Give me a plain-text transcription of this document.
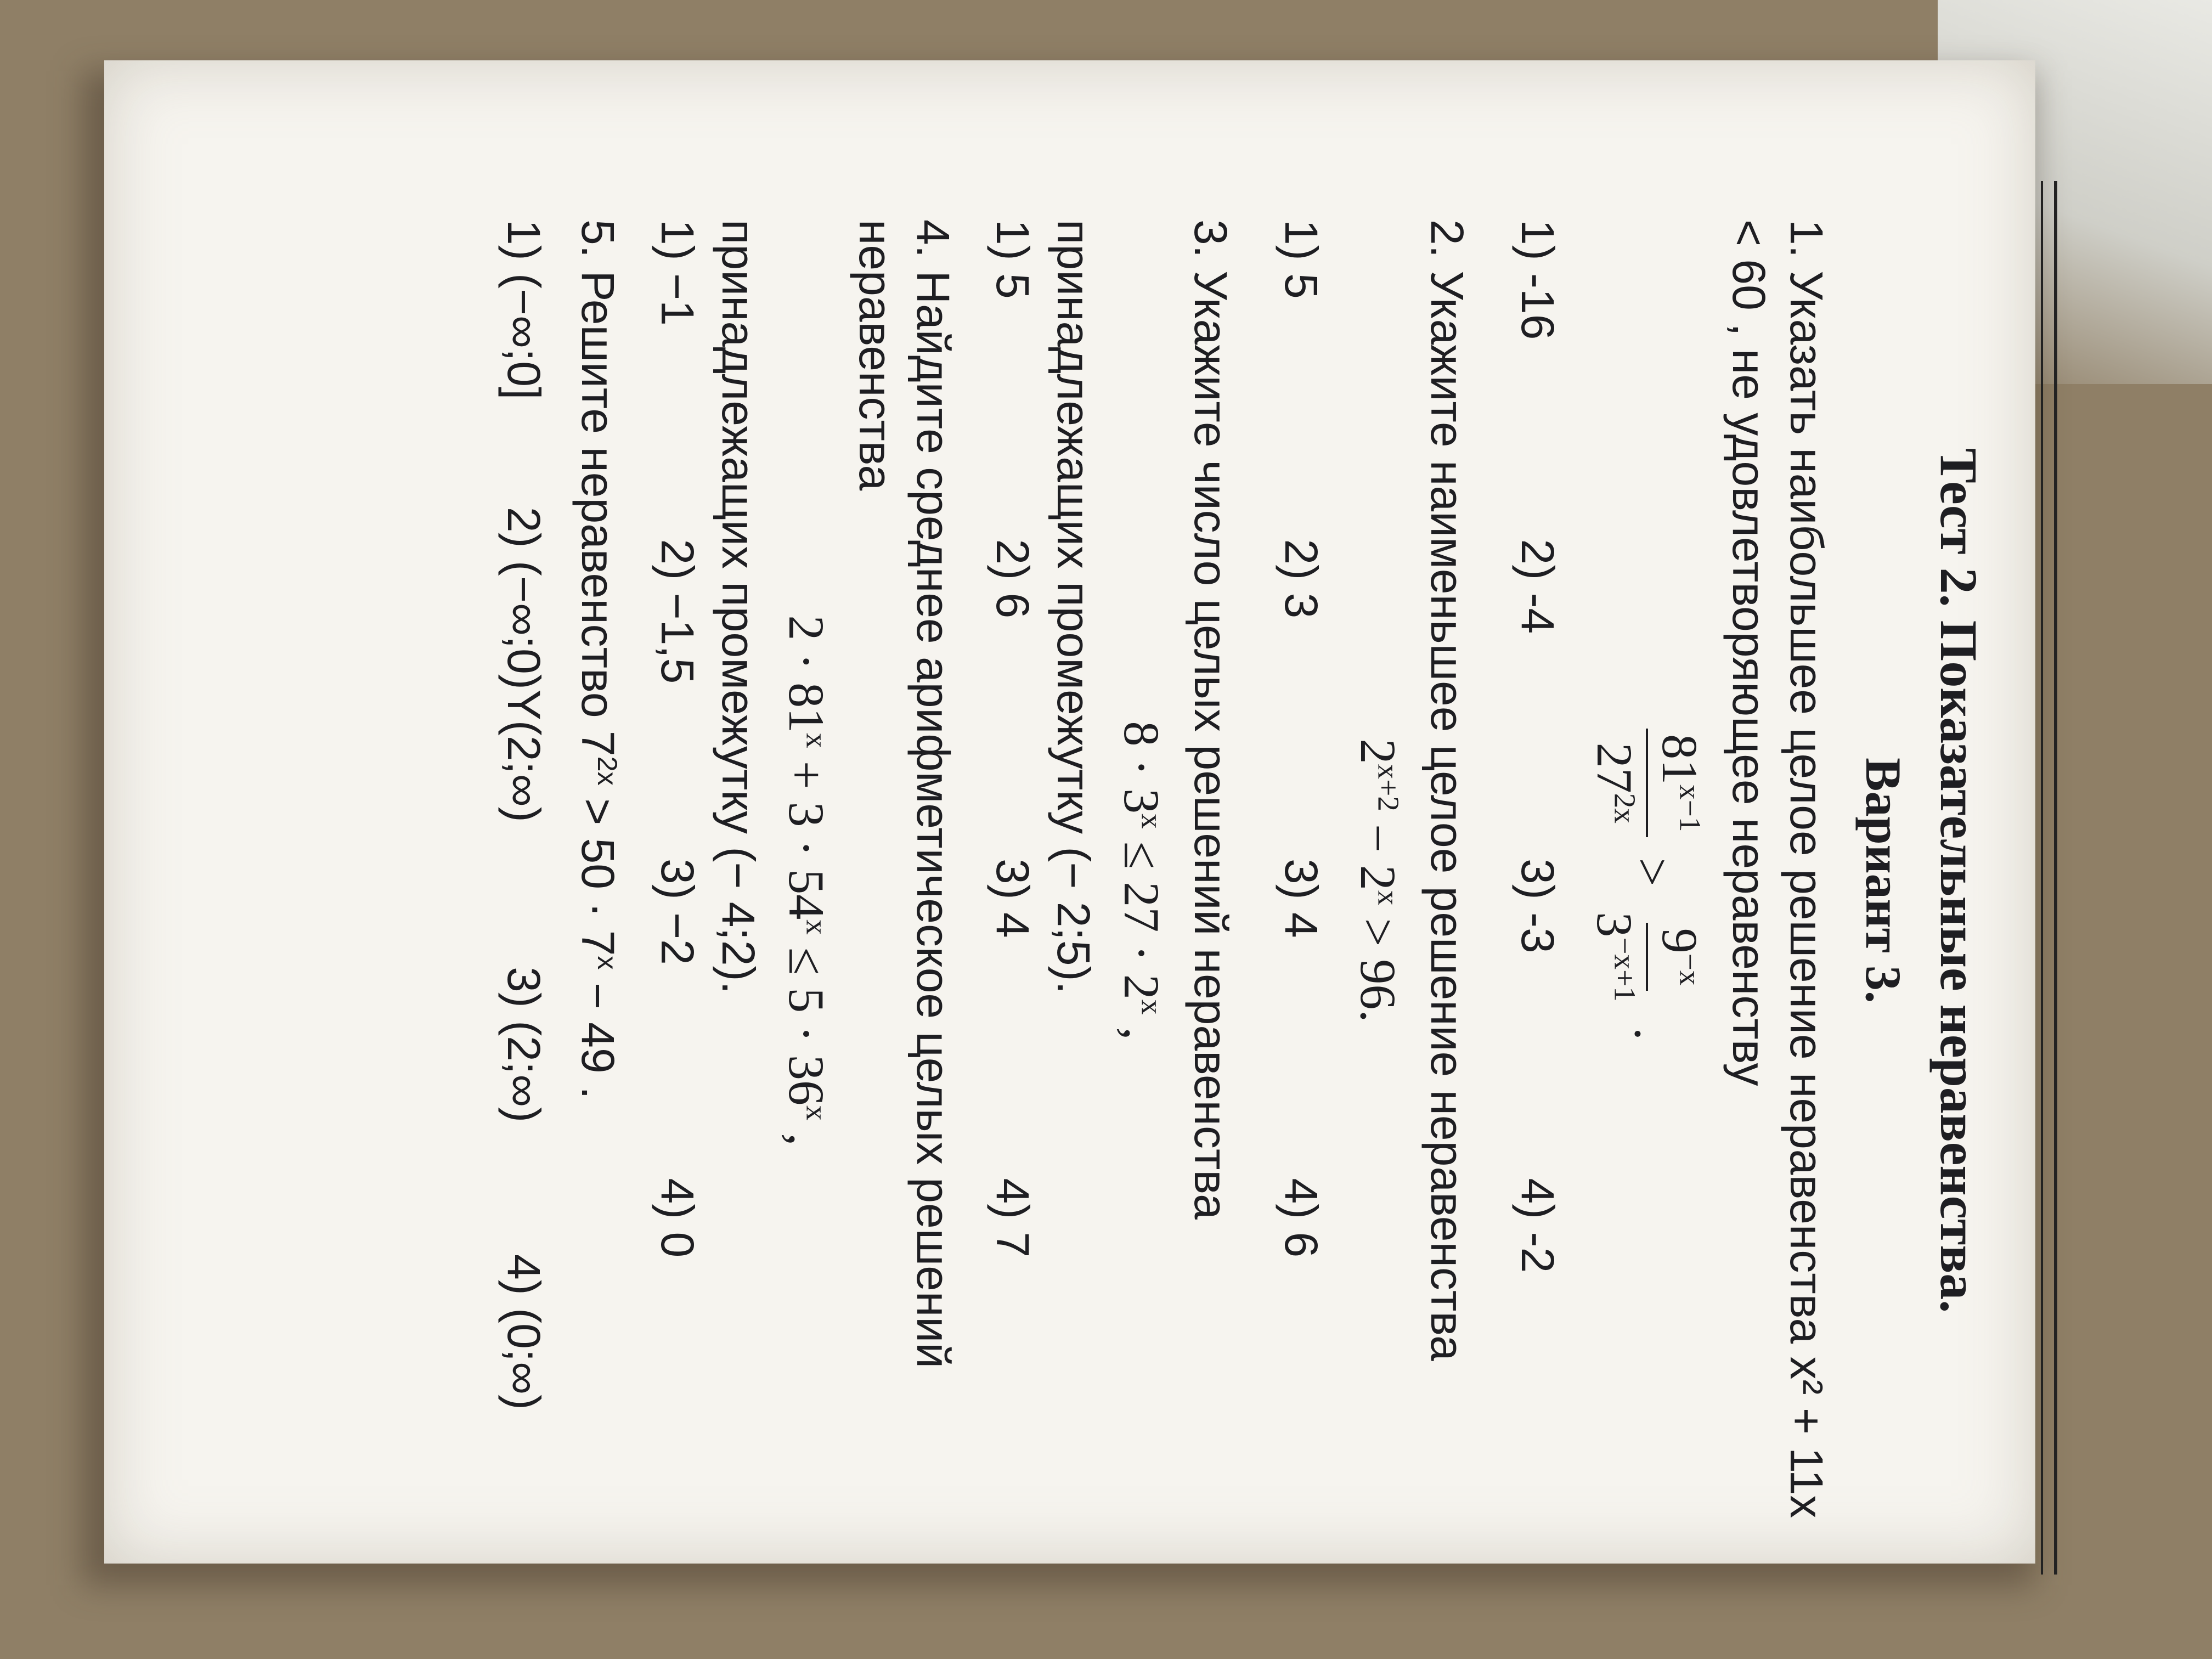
Тест 2. Показательные неравенства.
Вариант 3.
1. Указать наибольшее целое решение неравенства x² + 11x < 60 , не удовлетворяющее неравенству
$81^{x-1}$
$27^{2x}$
>
$9^{-x}$
$3^{-x+1}$
.
1) -16
2) -4
3) -3
4) -2
2. Укажите наименьшее целое решение неравенства
$2^{x+2} - 2^x > 96$.
1) 5
2) 3
3) 4
4) 6
3. Укажите число целых решений неравенства
$8 \cdot 3^x \le 27 \cdot 2^x$ ,
принадлежащих промежутку (− 2;5).
1) 5
2) 6
3) 4
4) 7
4. Найдите среднее арифметическое целых решений неравенства
$2 \cdot 81^x + 3 \cdot 54^x \le 5 \cdot 36^x$ ,
принадлежащих промежутку (− 4;2).
1) −1
2) −1,5
3) −2
4) 0
5. Решите неравенство $7^{2x} > 50 \cdot 7^x - 49$ .
1) (−∞;0]
2) (−∞;0)Y(2;∞)
3) (2;∞)
4) (0;∞)
